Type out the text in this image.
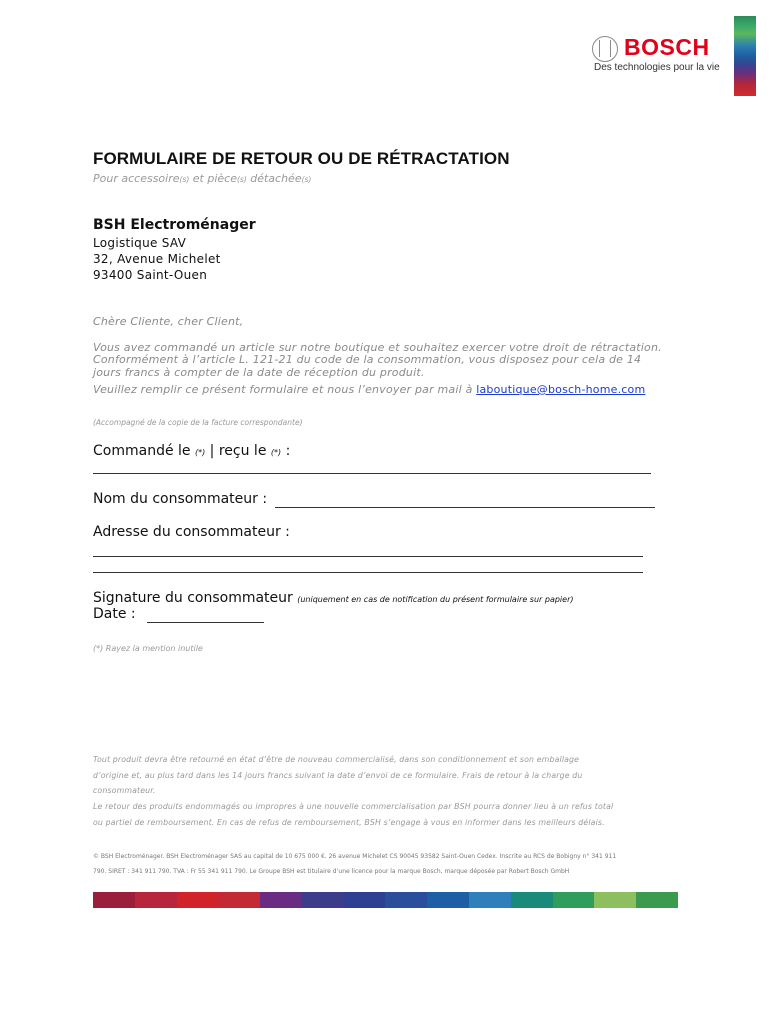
BOSCH
Des technologies pour la vie
FORMULAIRE DE RETOUR OU DE RÉTRACTATION
Pour accessoire(s) et pièce(s) détachée(s)
BSH Electroménager
Logistique SAV
32, Avenue Michelet
93400 Saint-Ouen
Chère Cliente, cher Client,
Vous avez commandé un article sur notre boutique et souhaitez exercer votre droit de rétractation.
Conformément à l’article L. 121-21 du code de la consommation, vous disposez pour cela de 14
jours francs à compter de la date de réception du produit.
Veuillez remplir ce présent formulaire et nous l’envoyer par mail à laboutique@bosch-home.com
(Accompagné de la copie de la facture correspondante)
Commandé le (*) | reçu le (*) :
Nom du consommateur :
Adresse du consommateur :
Signature du consommateur (uniquement en cas de notification du présent formulaire sur papier)
Date :
(*) Rayez la mention inutile
Tout produit devra être retourné en état d’être de nouveau commercialisé, dans son conditionnement et son emballage
d’origine et, au plus tard dans les 14 jours francs suivant la date d’envoi de ce formulaire. Frais de retour à la charge du
consommateur.
Le retour des produits endommagés ou impropres à une nouvelle commercialisation par BSH pourra donner lieu à un refus total
ou partiel de remboursement. En cas de refus de remboursement, BSH s’engage à vous en informer dans les meilleurs délais.
© BSH Electroménager. BSH Electroménager SAS au capital de 10 675 000 €. 26 avenue Michelet CS 90045 93582 Saint-Ouen Cedex. Inscrite au RCS de Bobigny n° 341 911
790. SIRET : 341 911 790. TVA : Fr 55 341 911 790. Le Groupe BSH est titulaire d’une licence pour la marque Bosch, marque déposée par Robert Bosch GmbH
